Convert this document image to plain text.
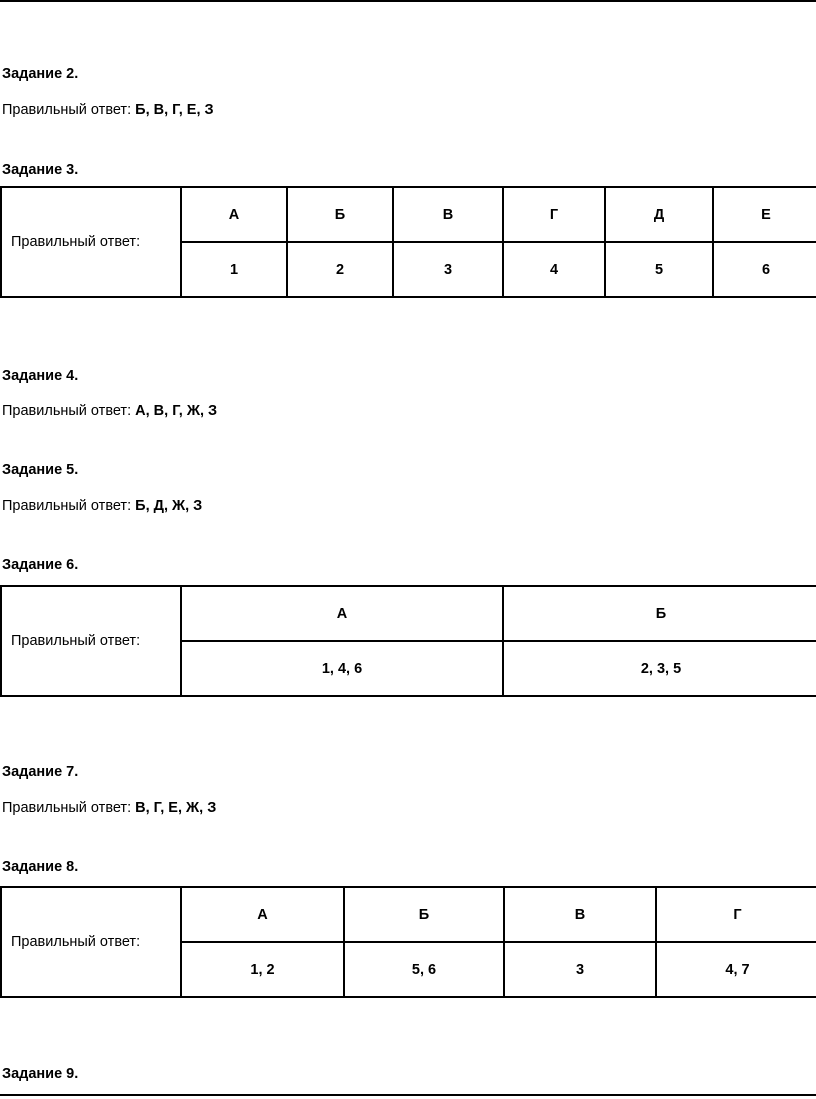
Задание 2.

Правильный ответ: Б, В, Г, Е, З

Задание 3.

Правильный ответ:	А	Б	В	Г	Д	Е
	1	2	3	4	5	6

Задание 4.

Правильный ответ: А, В, Г, Ж, З

Задание 5.

Правильный ответ: Б, Д, Ж, З

Задание 6.

Правильный ответ:	А	Б
	1, 4, 6	2, 3, 5

Задание 7.

Правильный ответ: В, Г, Е, Ж, З

Задание 8.

Правильный ответ:	А	Б	В	Г
	1, 2	5, 6	3	4, 7

Задание 9.
